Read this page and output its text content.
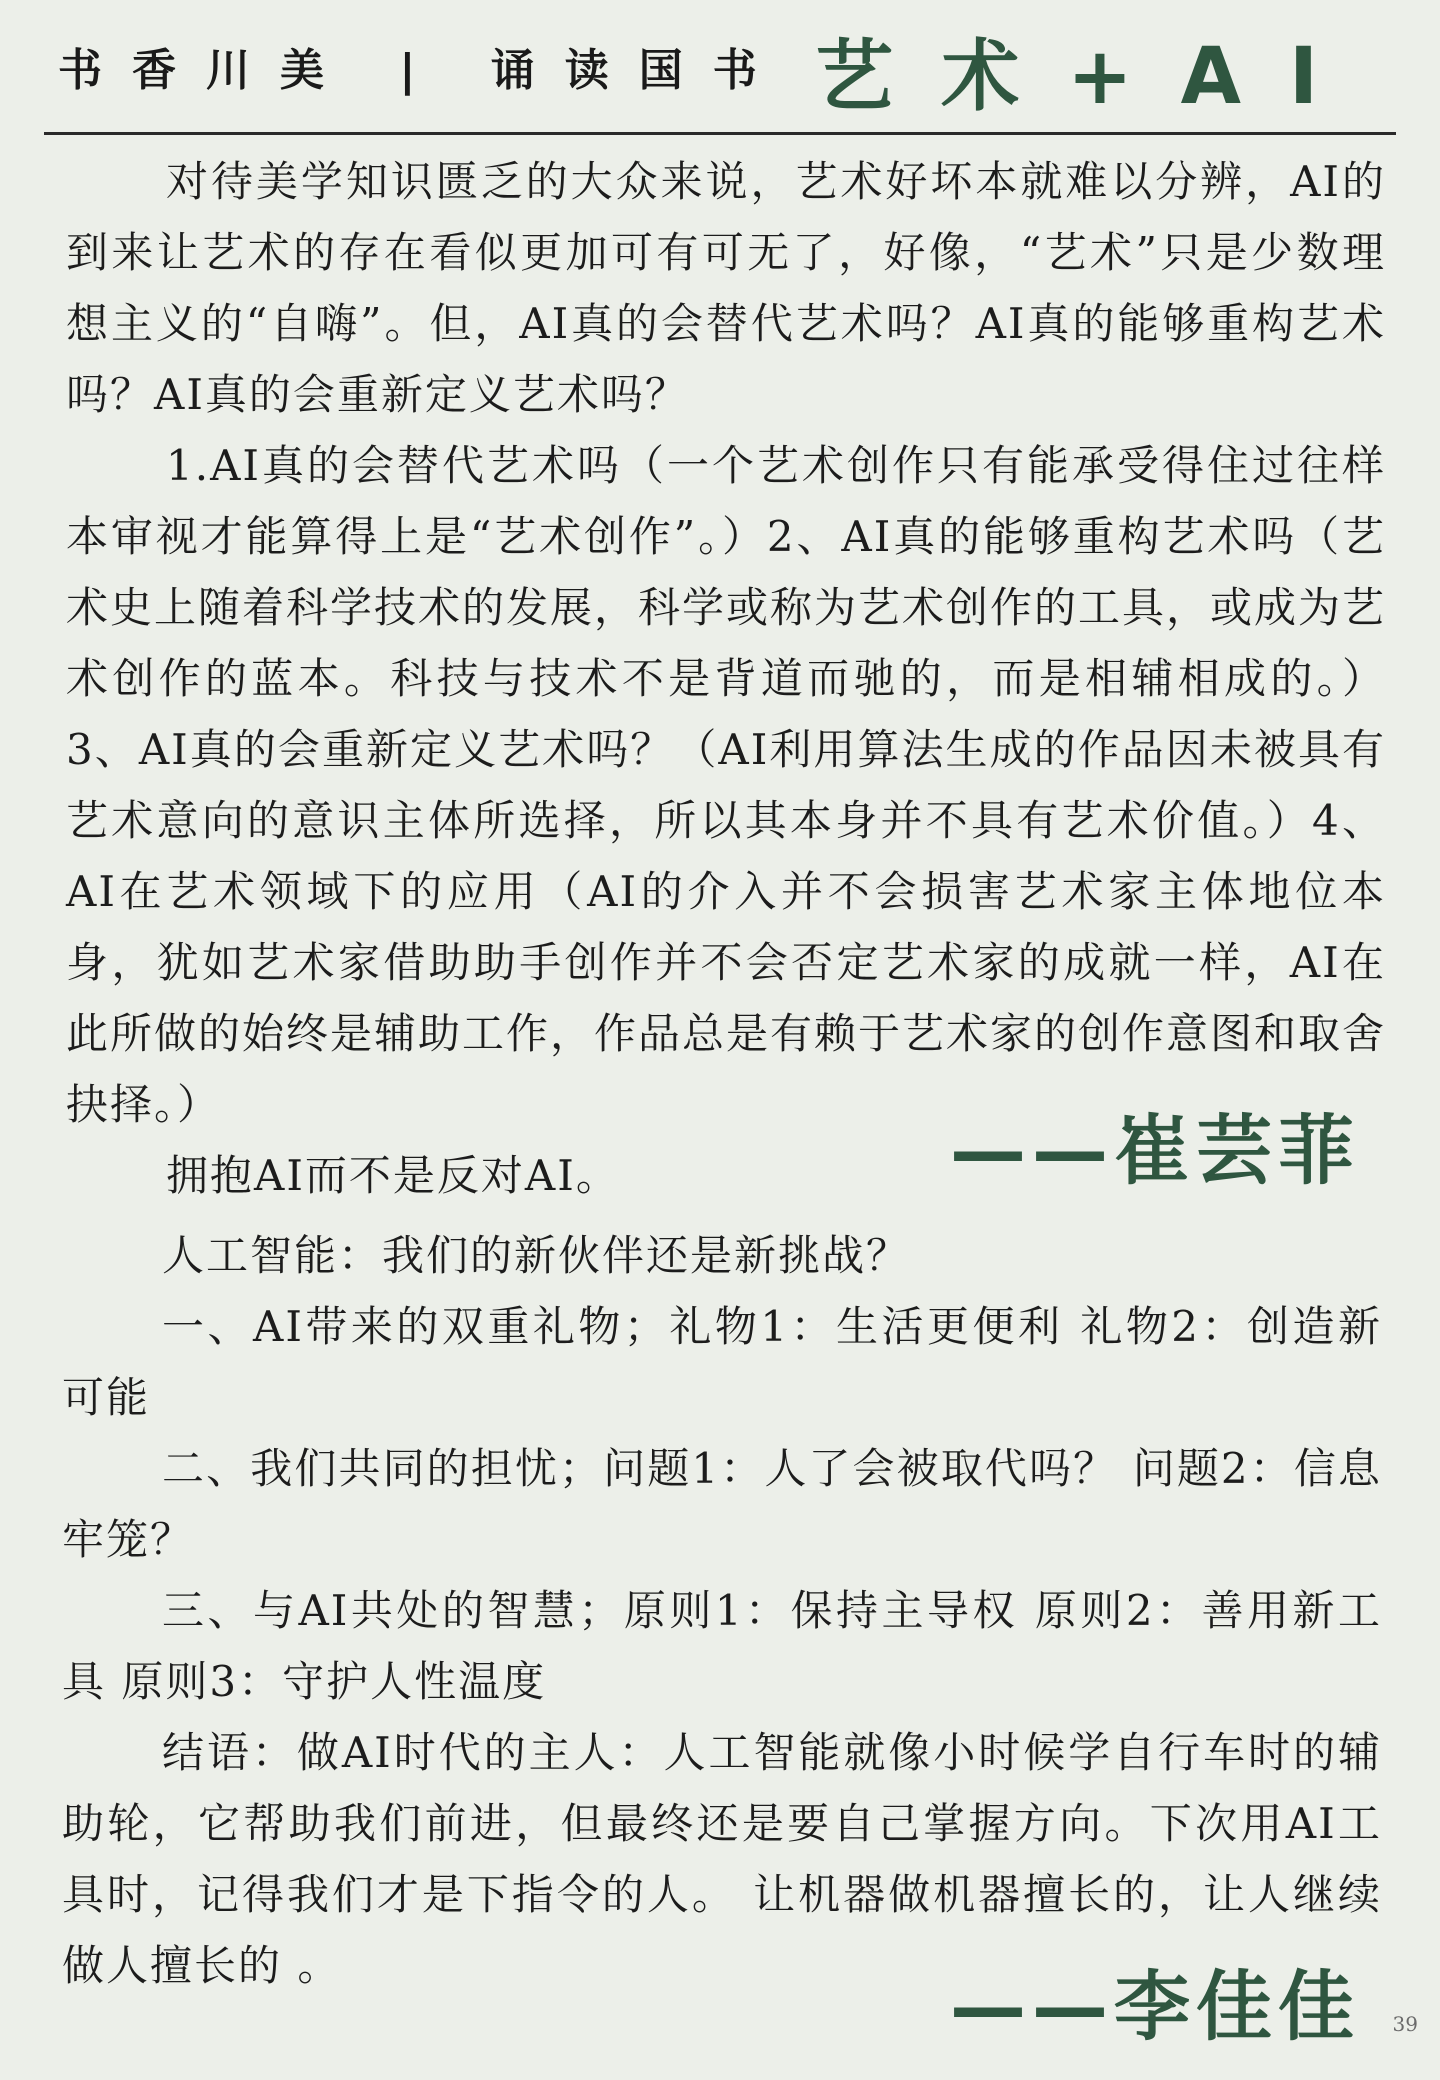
书香川美 | 诵读国书 艺术+AI

对待美学知识匮乏的大众来说，艺术好坏本就难以分辨，AI的到来让艺术的存在看似更加可有可无了，好像，“艺术”只是少数理想主义的“自嗨”。但，AI真的会替代艺术吗？AI真的能够重构艺术吗？AI真的会重新定义艺术吗？

1.AI真的会替代艺术吗（一个艺术创作只有能承受得住过往样本审视才能算得上是“艺术创作”。）2、AI真的能够重构艺术吗（艺术史上随着科学技术的发展，科学或称为艺术创作的工具，或成为艺术创作的蓝本。科技与技术不是背道而驰的，而是相辅相成的。）3、AI真的会重新定义艺术吗？（AI利用算法生成的作品因未被具有艺术意向的意识主体所选择，所以其本身并不具有艺术价值。）4、AI在艺术领域下的应用（AI的介入并不会损害艺术家主体地位本身，犹如艺术家借助助手创作并不会否定艺术家的成就一样，AI在此所做的始终是辅助工作，作品总是有赖于艺术家的创作意图和取舍抉择。）

拥抱AI而不是反对AI。	——崔芸菲

人工智能：我们的新伙伴还是新挑战？

一、AI带来的双重礼物；礼物1：生活更便利 礼物2：创造新可能

二、我们共同的担忧；问题1：人了会被取代吗？ 问题2：信息牢笼？

三、与AI共处的智慧；原则1：保持主导权 原则2：善用新工具 原则3：守护人性温度

结语：做AI时代的主人：人工智能就像小时候学自行车时的辅助轮，它帮助我们前进，但最终还是要自己掌握方向。下次用AI工具时，记得我们才是下指令的人。 让机器做机器擅长的，让人继续做人擅长的 。	——李佳佳 39
